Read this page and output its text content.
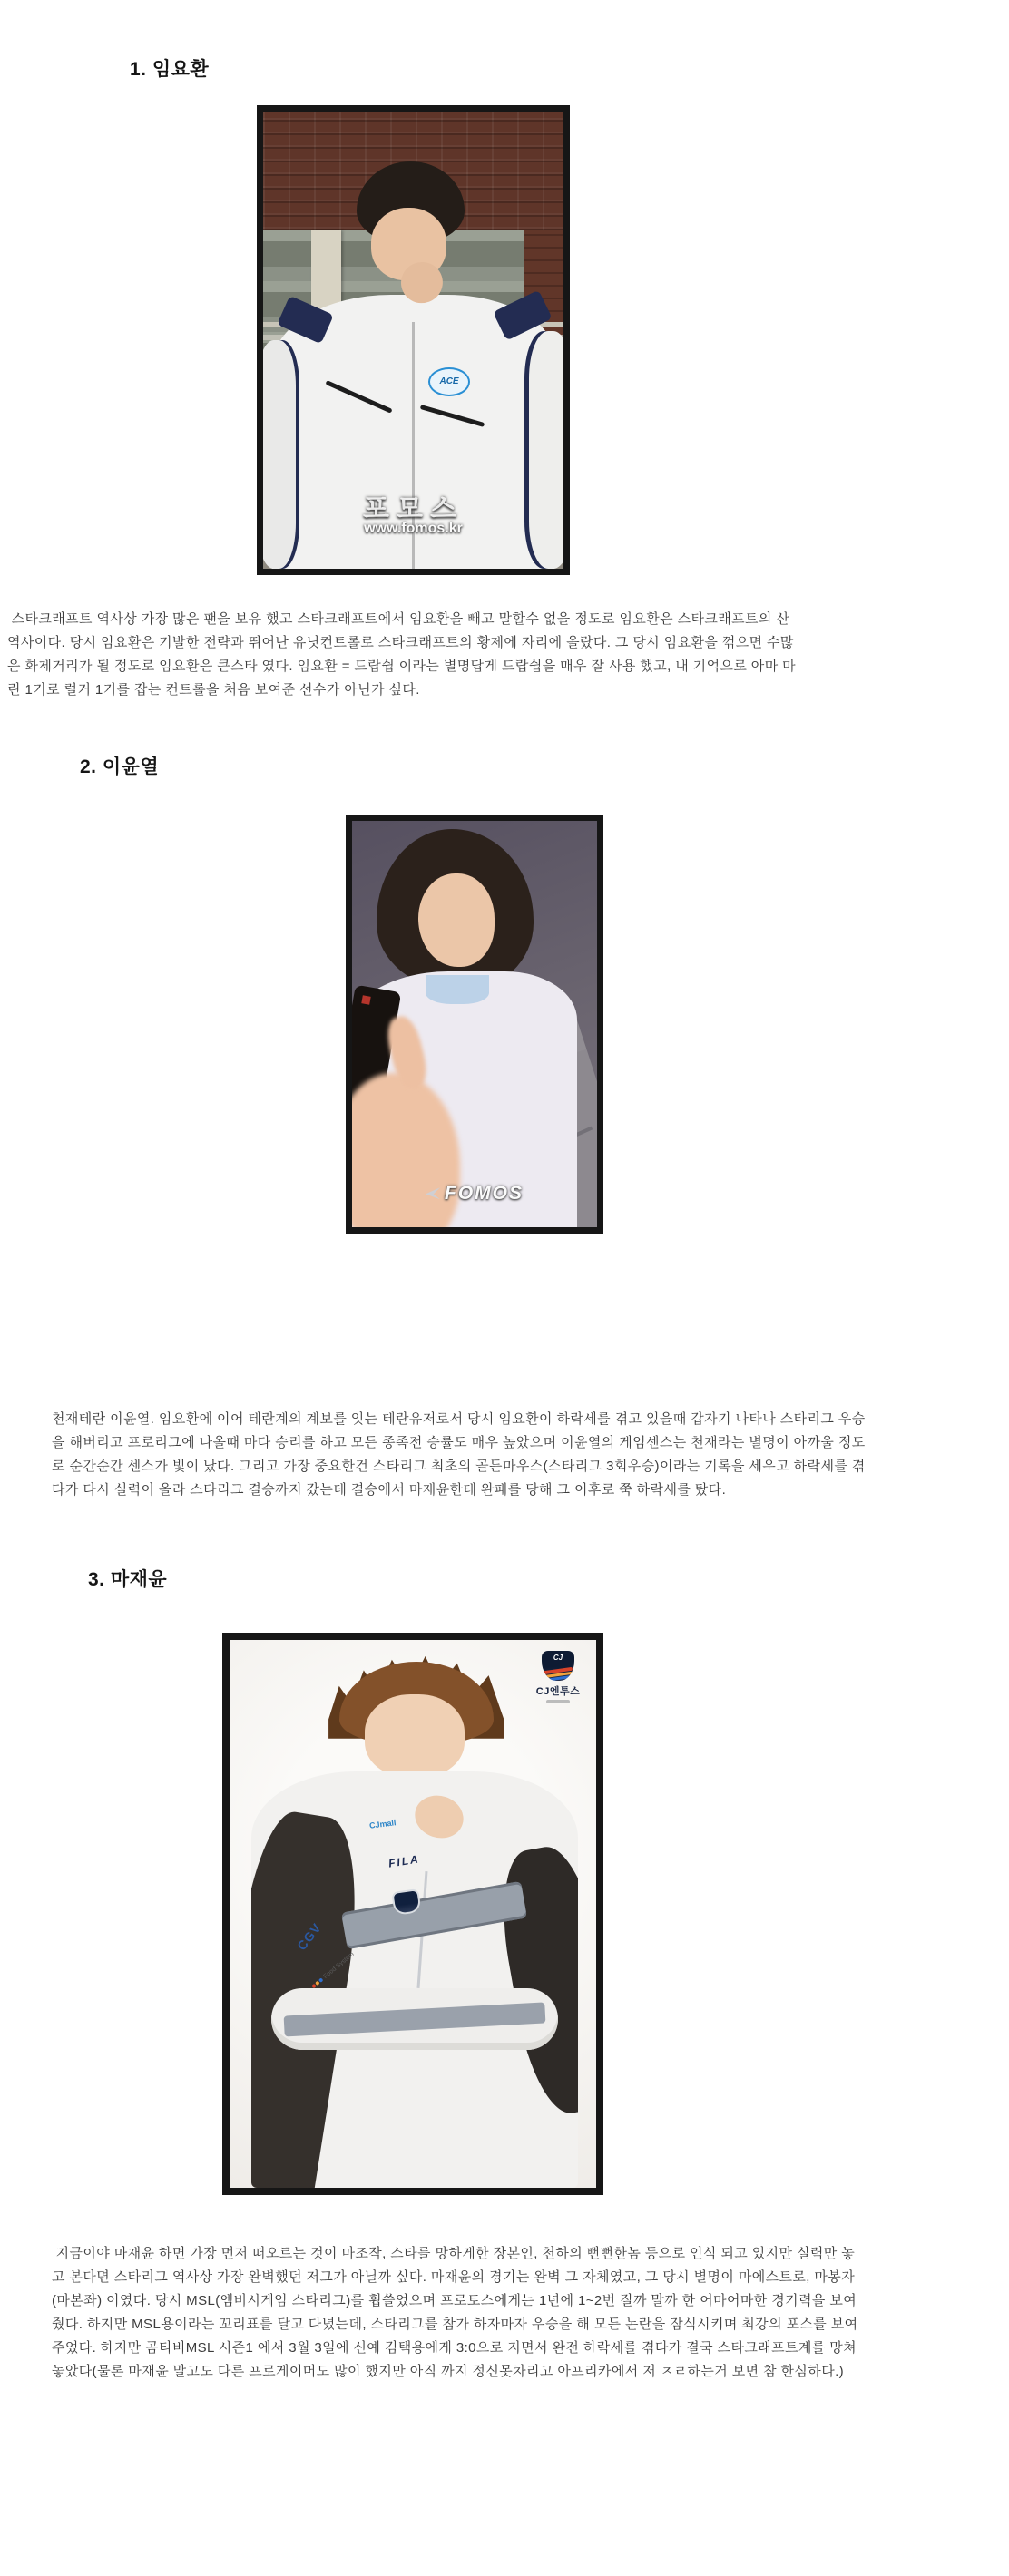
1. 임요환
ACE
포모스
www.fomos.kr
스타크래프트 역사상 가장 많은 팬을 보유 했고 스타크래프트에서 임요환을 빼고 말할수 없을 정도로 임요환은 스타크래프트의 산
역사이다. 당시 임요환은 기발한 전략과 뛰어난 유닛컨트롤로 스타크래프트의 황제에 자리에 올랐다. 그 당시 임요환을 꺾으면 수많
은 화제거리가 될 정도로 임요환은 큰스타 였다. 임요환 = 드랍쉽 이라는 별명답게 드랍쉽을 매우 잘 사용 했고, 내 기억으로 아마 마
린 1기로 럴커 1기를 잡는 컨트롤을 처음 보여준 선수가 아닌가 싶다.
2. 이윤열
FOMOS
천재테란 이윤열. 임요환에 이어 테란계의 계보를 잇는 테란유저로서 당시 임요환이 하락세를 겪고 있을때 갑자기 나타나 스타리그 우승
을 해버리고 프로리그에 나올때 마다 승리를 하고 모든 종족전 승률도 매우 높았으며 이윤열의 게임센스는 천재라는 별명이 아까울 정도
로 순간순간 센스가 빛이 났다. 그리고 가장 중요한건 스타리그 최초의 골든마우스(스타리그 3회우승)이라는 기록을 세우고 하락세를 겪
다가 다시 실력이 올라 스타리그 결승까지 갔는데 결승에서 마재윤한테 완패를 당해 그 이후로 쭉 하락세를 탔다.
3. 마재윤
CJ
CJ엔투스
CJmall
FILA
CGV
Food System
지금이야 마재윤 하면 가장 먼저 떠오르는 것이 마조작, 스타를 망하게한 장본인, 천하의 뻔뻔한놈 등으로 인식 되고 있지만 실력만 놓
고 본다면 스타리그 역사상 가장 완벽했던 저그가 아닐까 싶다. 마재윤의 경기는 완벽 그 자체였고, 그 당시 별명이 마에스트로, 마봉자
(마본좌) 이였다. 당시 MSL(엠비시게임 스타리그)를 휩쓸었으며 프로토스에게는 1년에 1~2번 질까 말까 한 어마어마한 경기력을 보여
줬다. 하지만 MSL용이라는 꼬리표를 달고 다녔는데, 스타리그를 참가 하자마자 우승을 해 모든 논란을 잠식시키며 최강의 포스를 보여
주었다. 하지만 곰티비MSL 시즌1 에서 3월 3일에 신예 김택용에게 3:0으로 지면서 완전 하락세를 겪다가 결국 스타크래프트계를 망쳐
놓았다(물론 마재윤 말고도 다른 프로게이머도 많이 했지만 아직 까지 정신못차리고 아프리카에서 저 ㅈㄹ하는거 보면 참 한심하다.)
